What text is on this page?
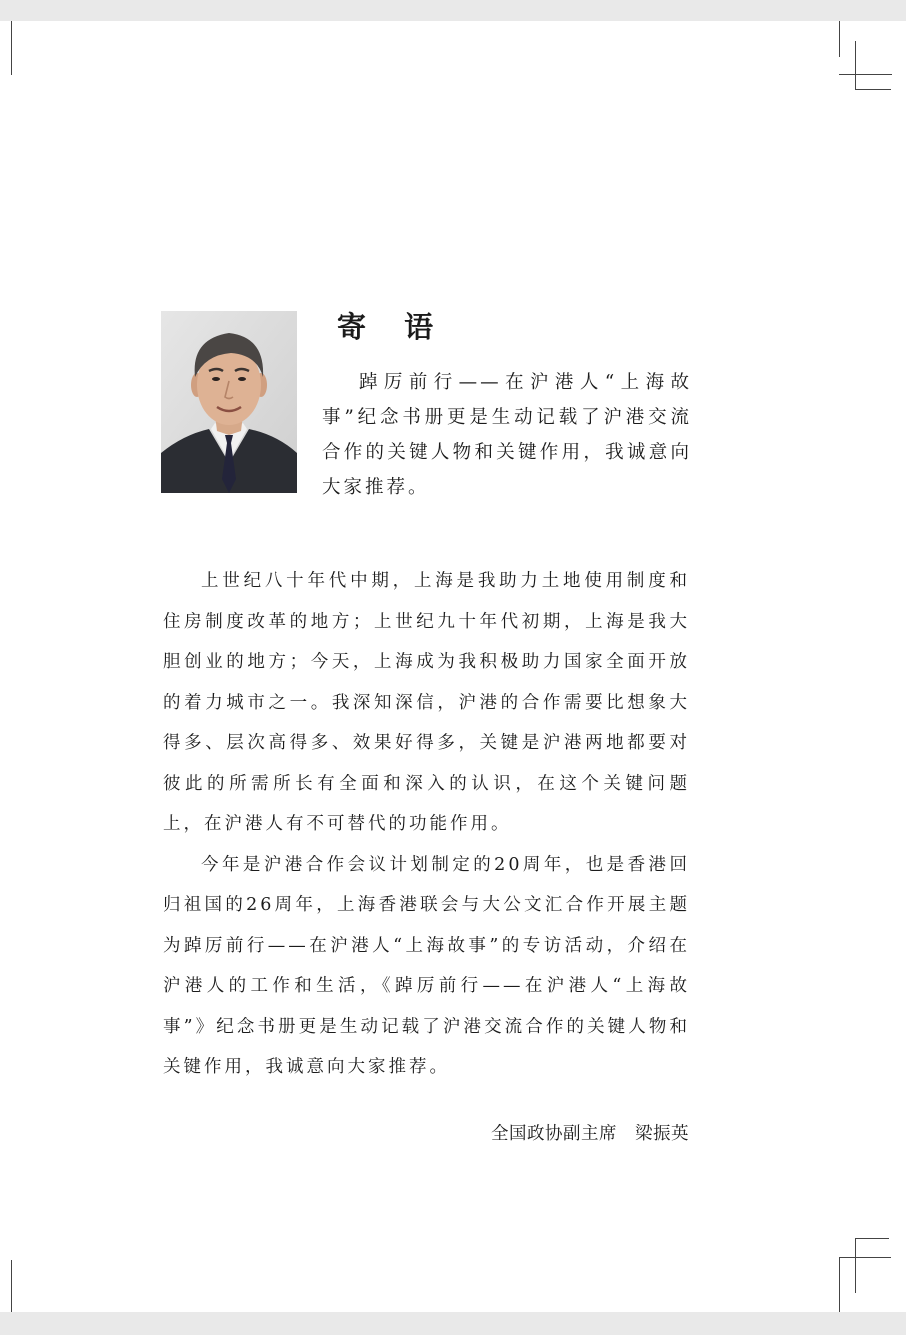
寄 语

踔厉前行——在沪港人“上海故事”纪念书册更是生动记载了沪港交流合作的关键人物和关键作用，我诚意向大家推荐。

上世纪八十年代中期，上海是我助力土地使用制度和住房制度改革的地方；上世纪九十年代初期，上海是我大胆创业的地方；今天，上海成为我积极助力国家全面开放的着力城市之一。我深知深信，沪港的合作需要比想象大得多、层次高得多、效果好得多，关键是沪港两地都要对彼此的所需所长有全面和深入的认识，在这个关键问题上，在沪港人有不可替代的功能作用。

今年是沪港合作会议计划制定的20周年，也是香港回归祖国的26周年，上海香港联会与大公文汇合作开展主题为踔厉前行——在沪港人“上海故事”的专访活动，介绍在沪港人的工作和生活，《踔厉前行——在沪港人“上海故事”》纪念书册更是生动记载了沪港交流合作的关键人物和关键作用，我诚意向大家推荐。

全国政协副主席 梁振英
